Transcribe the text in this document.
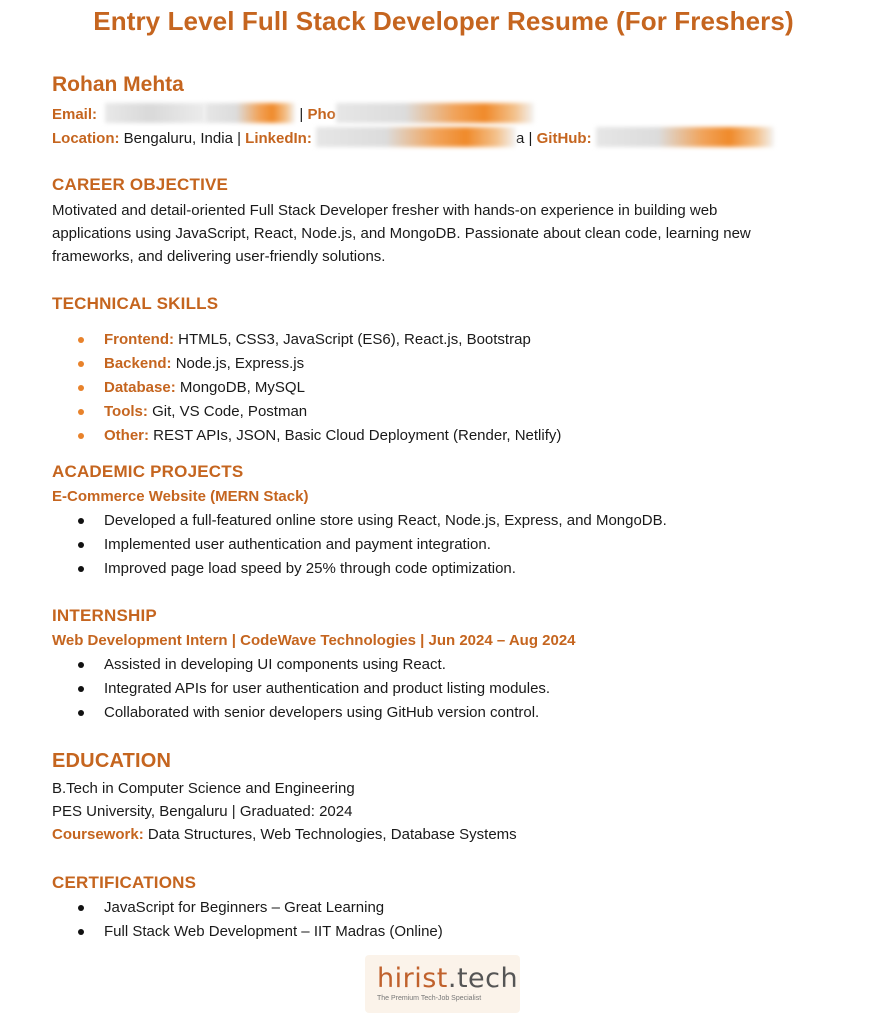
Entry Level Full Stack Developer Resume (For Freshers)
Rohan Mehta
Email:	| Pho
Location: Bengaluru, India | LinkedIn:	a | GitHub:
CAREER OBJECTIVE
Motivated and detail-oriented Full Stack Developer fresher with hands-on experience in building web applications using JavaScript, React, Node.js, and MongoDB. Passionate about clean code, learning new frameworks, and delivering user-friendly solutions.
TECHNICAL SKILLS
Frontend: HTML5, CSS3, JavaScript (ES6), React.js, Bootstrap
Backend: Node.js, Express.js
Database: MongoDB, MySQL
Tools: Git, VS Code, Postman
Other: REST APIs, JSON, Basic Cloud Deployment (Render, Netlify)
ACADEMIC PROJECTS
E-Commerce Website (MERN Stack)
Developed a full-featured online store using React, Node.js, Express, and MongoDB.
Implemented user authentication and payment integration.
Improved page load speed by 25% through code optimization.
INTERNSHIP
Web Development Intern | CodeWave Technologies | Jun 2024 – Aug 2024
Assisted in developing UI components using React.
Integrated APIs for user authentication and product listing modules.
Collaborated with senior developers using GitHub version control.
EDUCATION
B.Tech in Computer Science and Engineering
PES University, Bengaluru | Graduated: 2024
Coursework: Data Structures, Web Technologies, Database Systems
CERTIFICATIONS
JavaScript for Beginners – Great Learning
Full Stack Web Development – IIT Madras (Online)
hirist.tech
The Premium Tech-Job Specialist
